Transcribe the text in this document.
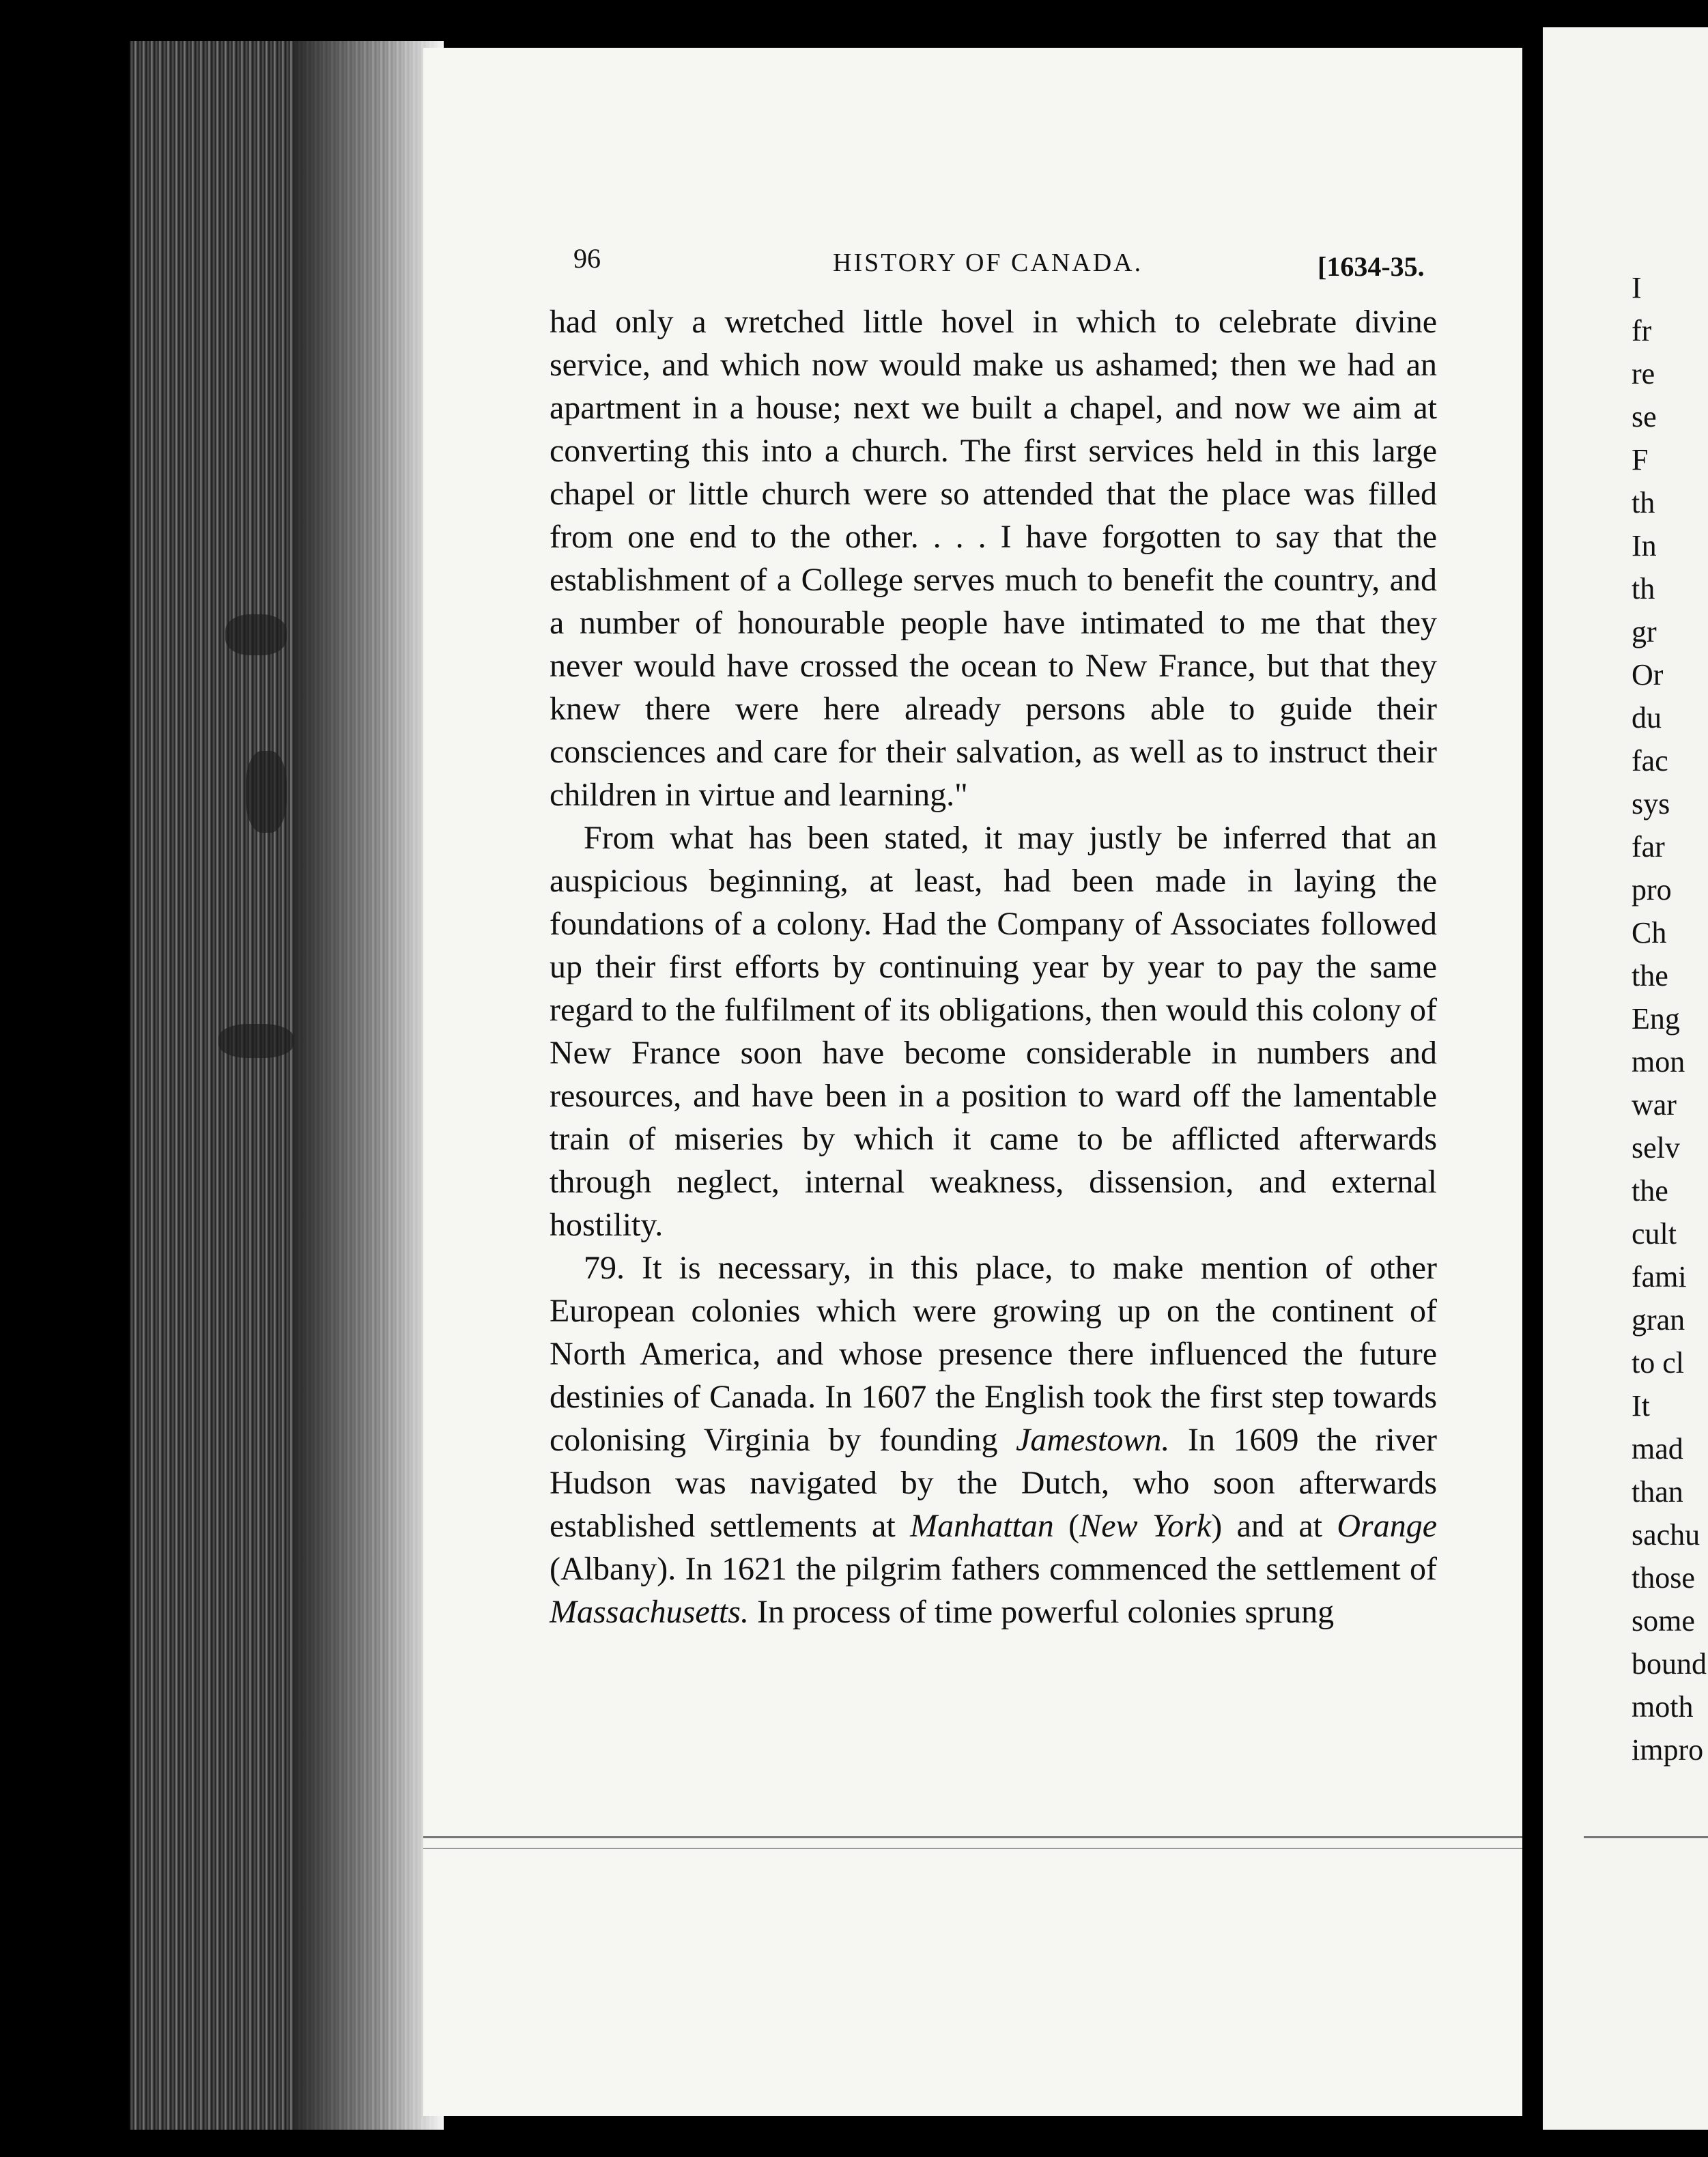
96	HISTORY OF CANADA.	[1634-35.

had only a wretched little hovel in which to celebrate divine service, and which now would make us ashamed; then we had an apartment in a house; next we built a chapel, and now we aim at converting this into a church. The first services held in this large chapel or little church were so attended that the place was filled from one end to the other. . . . I have forgotten to say that the establishment of a College serves much to benefit the country, and a number of honourable people have intimated to me that they never would have crossed the ocean to New France, but that they knew there were here already persons able to guide their consciences and care for their salvation, as well as to instruct their children in virtue and learning."

From what has been stated, it may justly be inferred that an auspicious beginning, at least, had been made in laying the foundations of a colony. Had the Company of Associates followed up their first efforts by continuing year by year to pay the same regard to the fulfilment of its obligations, then would this colony of New France soon have become considerable in numbers and resources, and have been in a position to ward off the lamentable train of miseries by which it came to be afflicted afterwards through neglect, internal weakness, dissension, and external hostility.

79. It is necessary, in this place, to make mention of other European colonies which were growing up on the continent of North America, and whose presence there influenced the future destinies of Canada. In 1607 the English took the first step towards colonising Virginia by founding Jamestown. In 1609 the river Hudson was navigated by the Dutch, who soon afterwards established settlements at Manhattan (New York) and at Orange (Albany). In 1621 the pilgrim fathers commenced the settlement of Massachusetts. In process of time powerful colonies sprung

I
fr
re
se
F
th
In
th
gr
Or
du
fac
sys
far
pro
Ch
the
Eng
mon
war
selv
the
cult
fami
gran
to cl
It
mad
than
sachu
those
some
bound
moth
impro
